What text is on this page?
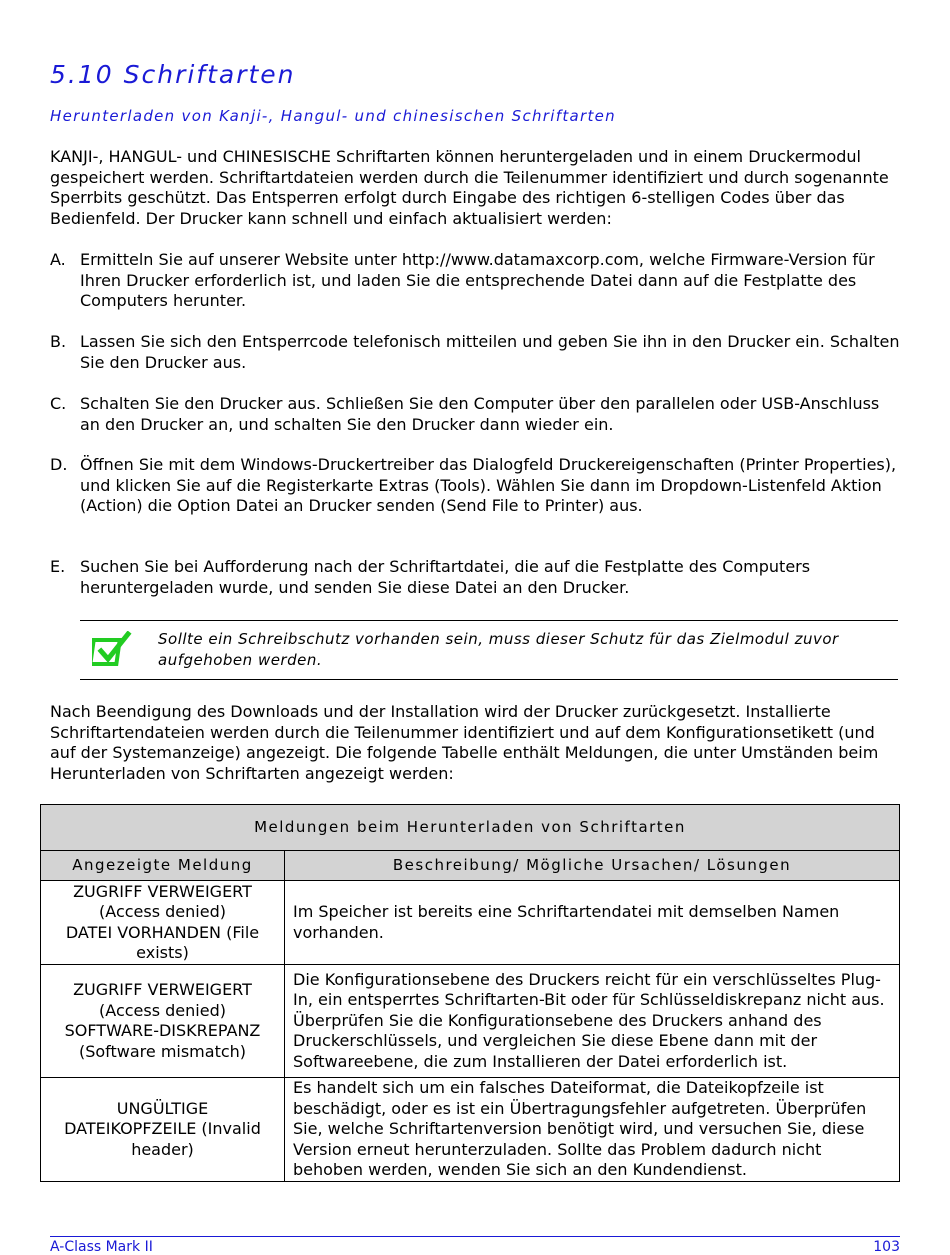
5.10 Schriftarten
Herunterladen von Kanji-, Hangul- und chinesischen Schriftarten

KANJI-, HANGUL- und CHINESISCHE Schriftarten können heruntergeladen und in einem Druckermodul gespeichert werden. Schriftartdateien werden durch die Teilenummer identifiziert und durch sogenannte Sperrbits geschützt. Das Entsperren erfolgt durch Eingabe des richtigen 6-stelligen Codes über das Bedienfeld. Der Drucker kann schnell und einfach aktualisiert werden:

A. Ermitteln Sie auf unserer Website unter http://www.datamaxcorp.com, welche Firmware-Version für Ihren Drucker erforderlich ist, und laden Sie die entsprechende Datei dann auf die Festplatte des Computers herunter.
B. Lassen Sie sich den Entsperrcode telefonisch mitteilen und geben Sie ihn in den Drucker ein. Schalten Sie den Drucker aus.
C. Schalten Sie den Drucker aus. Schließen Sie den Computer über den parallelen oder USB-Anschluss an den Drucker an, und schalten Sie den Drucker dann wieder ein.
D. Öffnen Sie mit dem Windows-Druckertreiber das Dialogfeld Druckereigenschaften (Printer Properties), und klicken Sie auf die Registerkarte Extras (Tools). Wählen Sie dann im Dropdown-Listenfeld Aktion (Action) die Option Datei an Drucker senden (Send File to Printer) aus.
E. Suchen Sie bei Aufforderung nach der Schriftartdatei, die auf die Festplatte des Computers heruntergeladen wurde, und senden Sie diese Datei an den Drucker.
Sollte ein Schreibschutz vorhanden sein, muss dieser Schutz für das Zielmodul zuvor aufgehoben werden.

Nach Beendigung des Downloads und der Installation wird der Drucker zurückgesetzt. Installierte Schriftartendateien werden durch die Teilenummer identifiziert und auf dem Konfigurationsetikett (und auf der Systemanzeige) angezeigt. Die folgende Tabelle enthält Meldungen, die unter Umständen beim Herunterladen von Schriftarten angezeigt werden:

Meldungen beim Herunterladen von Schriftarten	
Angezeigte Meldung	Beschreibung/ Mögliche Ursachen/ Lösungen
ZUGRIFF VERWEIGERT (Access denied)
DATEI VORHANDEN (File exists)	Im Speicher ist bereits eine Schriftartendatei mit demselben Namen vorhanden.
ZUGRIFF VERWEIGERT (Access denied)
SOFTWARE-DISKREPANZ (Software mismatch)	Die Konfigurationsebene des Druckers reicht für ein verschlüsseltes Plug-In, ein entsperrtes Schriftarten-Bit oder für Schlüsseldiskrepanz nicht aus. Überprüfen Sie die Konfigurationsebene des Druckers anhand des Druckerschlüssels, und vergleichen Sie diese Ebene dann mit der Softwareebene, die zum Installieren der Datei erforderlich ist.
UNGÜLTIGE DATEIKOPFZEILE (Invalid header)	Es handelt sich um ein falsches Dateiformat, die Dateikopfzeile ist beschädigt, oder es ist ein Übertragungsfehler aufgetreten. Überprüfen Sie, welche Schriftartenversion benötigt wird, und versuchen Sie, diese Version erneut herunterzuladen. Sollte das Problem dadurch nicht behoben werden, wenden Sie sich an den Kundendienst.
A-Class Mark II	103
